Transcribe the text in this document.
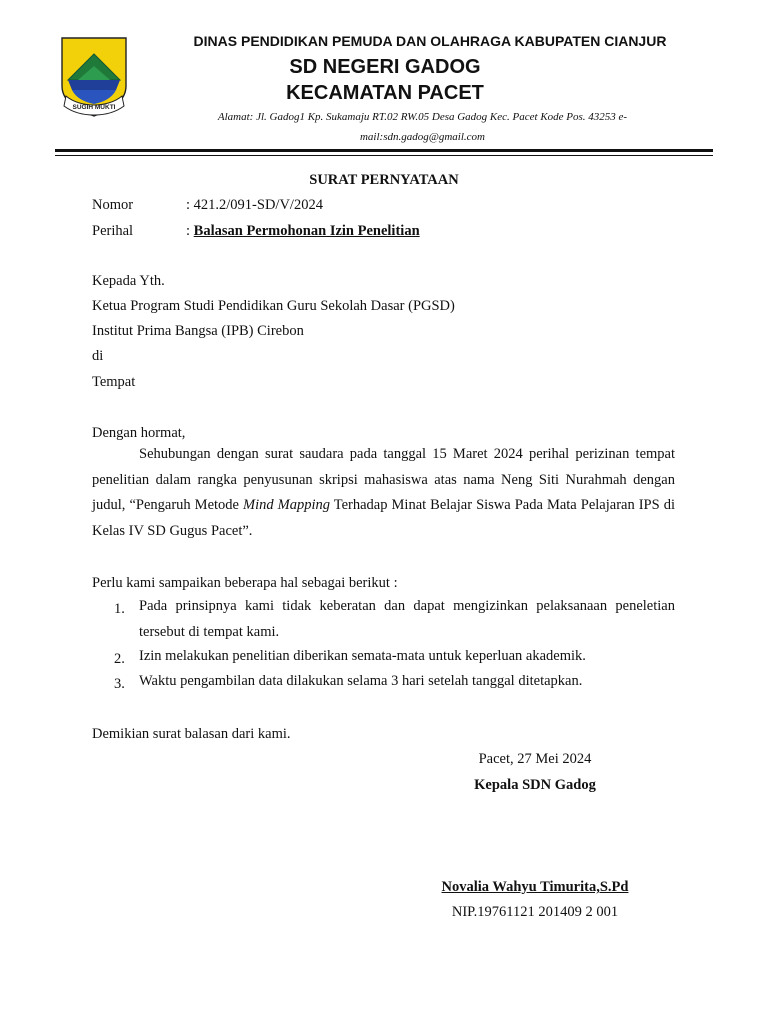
SUGIH MUKTI
DINAS PENDIDIKAN PEMUDA DAN OLAHRAGA KABUPATEN CIANJUR
SD NEGERI GADOG
KECAMATAN PACET
Alamat: Jl. Gadog1 Kp. Sukamaju RT.02 RW.05 Desa Gadog Kec. Pacet Kode Pos. 43253 e-
mail:sdn.gadog@gmail.com
SURAT PERNYATAAN
Nomor	: 421.2/091-SD/V/2024
Perihal	: Balasan Permohonan Izin Penelitian
Kepada Yth.
Ketua Program Studi Pendidikan Guru Sekolah Dasar (PGSD)
Institut Prima Bangsa (IPB) Cirebon
di
Tempat
Dengan hormat,
Sehubungan dengan surat saudara pada tanggal 15 Maret 2024 perihal perizinan tempat penelitian dalam rangka penyusunan skripsi mahasiswa atas nama Neng Siti Nurahmah dengan judul, “Pengaruh Metode Mind Mapping Terhadap Minat Belajar Siswa Pada Mata Pelajaran IPS di Kelas IV SD Gugus Pacet”.
Perlu kami sampaikan beberapa hal sebagai berikut :
1. Pada prinsipnya kami tidak keberatan dan dapat mengizinkan pelaksanaan peneletian tersebut di tempat kami.
2. Izin melakukan penelitian diberikan semata-mata untuk keperluan akademik.
3. Waktu pengambilan data dilakukan selama 3 hari setelah tanggal ditetapkan.
Demikian surat balasan dari kami.
Pacet, 27 Mei 2024
Kepala SDN Gadog
Novalia Wahyu Timurita,S.Pd
NIP.19761121 201409 2 001
